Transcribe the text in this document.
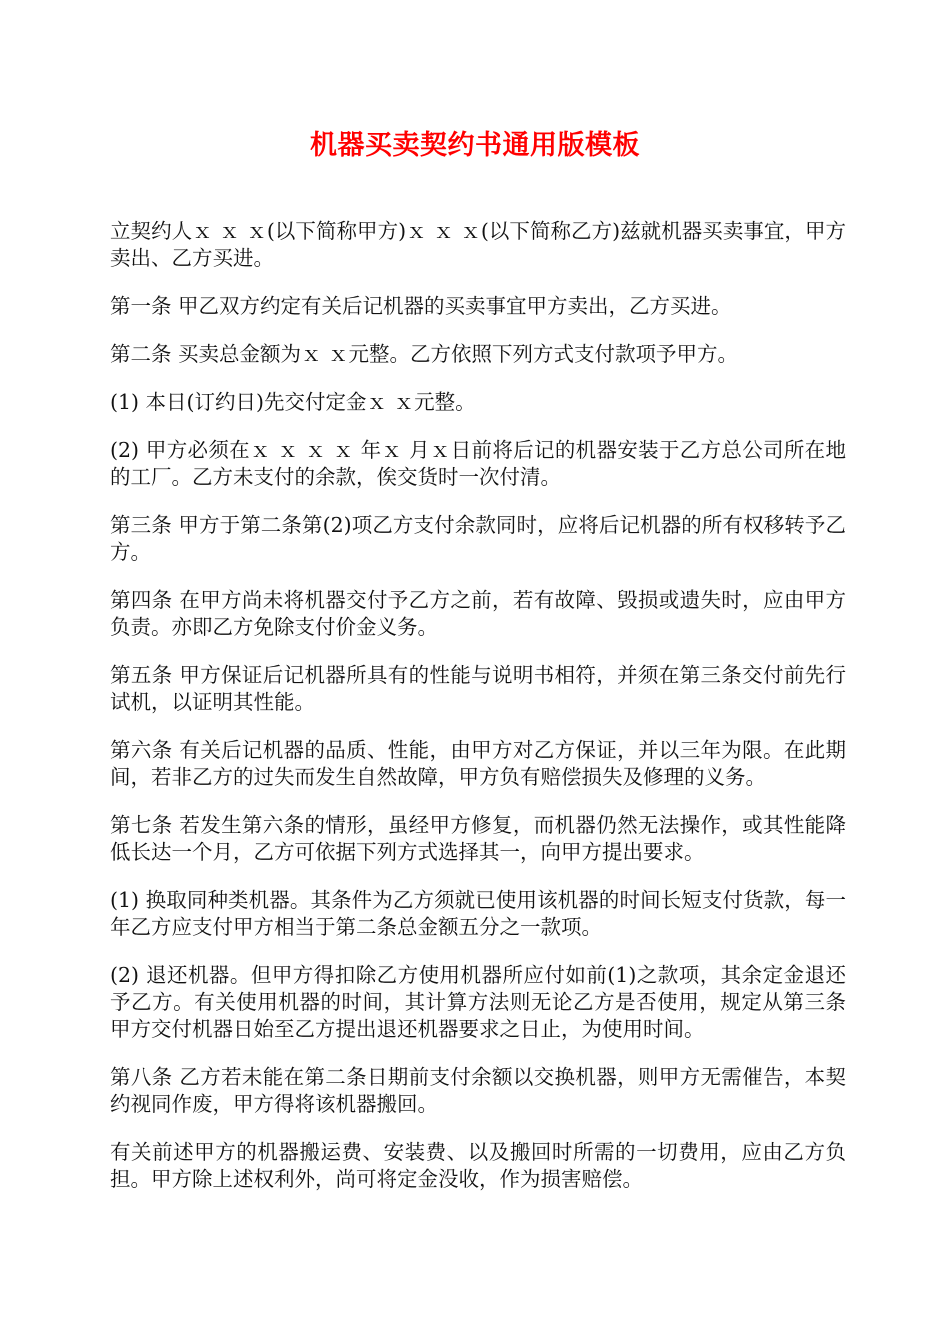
机器买卖契约书通用版模板

立契约人ｘ ｘ ｘ(以下简称甲方)ｘ ｘ ｘ(以下简称乙方)兹就机器买卖事宜，甲方卖出、乙方买进。

第一条 甲乙双方约定有关后记机器的买卖事宜甲方卖出，乙方买进。

第二条 买卖总金额为ｘ ｘ元整。乙方依照下列方式支付款项予甲方。

(1) 本日(订约日)先交付定金ｘ ｘ元整。

(2) 甲方必须在ｘ ｘ ｘ ｘ 年ｘ 月ｘ日前将后记的机器安装于乙方总公司所在地的工厂。乙方未支付的余款，俟交货时一次付清。

第三条 甲方于第二条第(2)项乙方支付余款同时，应将后记机器的所有权移转予乙方。

第四条 在甲方尚未将机器交付予乙方之前，若有故障、毁损或遗失时，应由甲方负责。亦即乙方免除支付价金义务。

第五条 甲方保证后记机器所具有的性能与说明书相符，并须在第三条交付前先行试机，以证明其性能。

第六条 有关后记机器的品质、性能，由甲方对乙方保证，并以三年为限。在此期间，若非乙方的过失而发生自然故障，甲方负有赔偿损失及修理的义务。

第七条 若发生第六条的情形，虽经甲方修复，而机器仍然无法操作，或其性能降低长达一个月，乙方可依据下列方式选择其一，向甲方提出要求。

(1) 换取同种类机器。其条件为乙方须就已使用该机器的时间长短支付货款，每一年乙方应支付甲方相当于第二条总金额五分之一款项。

(2) 退还机器。但甲方得扣除乙方使用机器所应付如前(1)之款项，其余定金退还予乙方。有关使用机器的时间，其计算方法则无论乙方是否使用，规定从第三条甲方交付机器日始至乙方提出退还机器要求之日止，为使用时间。

第八条 乙方若未能在第二条日期前支付余额以交换机器，则甲方无需催告，本契约视同作废，甲方得将该机器搬回。

有关前述甲方的机器搬运费、安装费、以及搬回时所需的一切费用，应由乙方负担。甲方除上述权利外，尚可将定金没收，作为损害赔偿。
